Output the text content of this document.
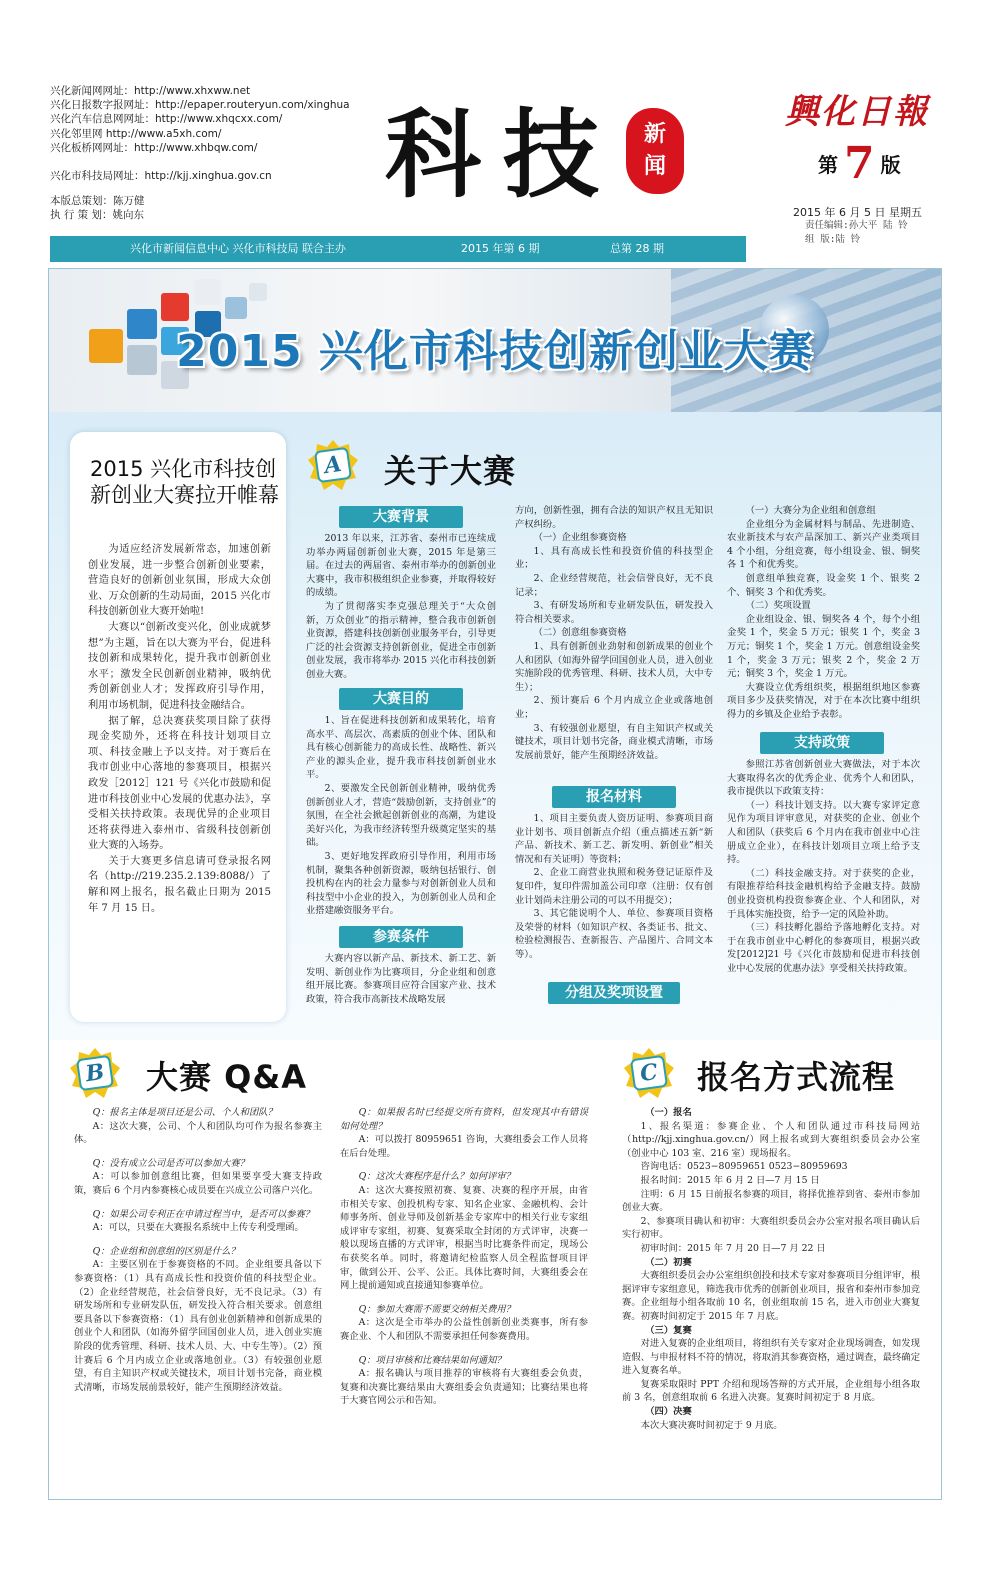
兴化新闻网网址：http://www.xhxww.net
兴化日报数字报网址：http://epaper.routeryun.com/xinghua
兴化汽车信息网网址：http://www.xhqcxx.com/
兴化邻里网 http://www.a5xh.com/
兴化板桥网网址：http://www.xhbqw.com/
兴化市科技局网址：http://kjj.xinghua.gov.cn
本版总策划：陈万健
执 行 策 划：姚向东
科技	新
闻
興化日報
第 7 版
2015 年 6 月 5 日 星期五
责任编辑:孙大平 陆 铃
组 版:陆 铃
兴化市新闻信息中心 兴化市科技局 联合主办	2015 年第 6 期	总第 28 期
2015 兴化市科技创新创业大赛
2015 兴化市科技创新创业大赛拉开帷幕

为适应经济发展新常态，加速创新创业发展，进一步整合创新创业要素，营造良好的创新创业氛围，形成大众创业、万众创新的生动局面，2015 兴化市科技创新创业大赛开始啦!

大赛以“创新改变兴化，创业成就梦想”为主题，旨在以大赛为平台，促进科技创新和成果转化，提升我市创新创业水平；激发全民创新创业精神，吸纳优秀创新创业人才；发挥政府引导作用，利用市场机制，促进科技金融结合。

据了解，总决赛获奖项目除了获得现金奖励外，还将在科技计划项目立项、科技金融上予以支持。对于赛后在我市创业中心落地的参赛项目，根据兴政发［2012］121 号《兴化市鼓励和促进市科技创业中心发展的优惠办法》，享受相关扶持政策。表现优异的企业项目还将获得进入泰州市、省级科技创新创业大赛的入场券。

关于大赛更多信息请可登录报名网名（http://219.235.2.139:8088/）了解和网上报名，报名截止日期为 2015 年 7 月 15 日。

A 关于大赛
大赛背景

2013 年以来，江苏省、泰州市已连续成功举办两届创新创业大赛，2015 年是第三届。在过去的两届省、泰州市举办的创新创业大赛中，我市积极组织企业参赛，并取得较好的成绩。

为了贯彻落实李克强总理关于“大众创新，万众创业”的指示精神，整合我市创新创业资源，搭建科技创新创业服务平台，引导更广泛的社会资源支持创新创业，促进全市创新创业发展，我市将举办 2015 兴化市科技创新创业大赛。

大赛目的

1、旨在促进科技创新和成果转化，培育高水平、高层次、高素质的创业个体、团队和具有核心创新能力的高成长性、战略性、新兴产业的源头企业，提升我市科技创新创业水平。

2、要激发全民创新创业精神，吸纳优秀创新创业人才，营造“鼓励创新，支持创业”的氛围，在全社会掀起创新创业的高潮，为建设美好兴化，为我市经济转型升级奠定坚实的基础。

3、更好地发挥政府引导作用，利用市场机制，聚集各种创新资源，吸纳包括银行、创投机构在内的社会力量参与对创新创业人员和科技型中小企业的投入，为创新创业人员和企业搭建融资服务平台。

参赛条件

大赛内容以新产品、新技术、新工艺、新发明、新创业作为比赛项目，分企业组和创意组开展比赛。参赛项目应符合国家产业、技术政策，符合我市高新技术战略发展

方向，创新性强，拥有合法的知识产权且无知识产权纠纷。

（一）企业组参赛资格

1、具有高成长性和投资价值的科技型企业；

2、企业经营规范，社会信誉良好，无不良记录；

3、有研发场所和专业研发队伍，研发投入符合相关要求。

（二）创意组参赛资格

1、具有创新创业劲射和创新成果的创业个人和团队（如海外留学回国创业人员，进入创业实施阶段的优秀管理、科研、技术人员，大中专生）；

2、预计赛后 6 个月内成立企业或落地创业；

3、有较强创业愿望，有自主知识产权或关键技术，项目计划书完备，商业模式清晰，市场发展前景好，能产生预期经济效益。

报名材料

1、项目主要负责人资历证明、参赛项目商业计划书、项目创新点介绍（重点描述五新“新产品、新技术、新工艺、新发明、新创业”相关情况和有关证明）等资料；

2、企业工商营业执照和税务登记证原件及复印件，复印件需加盖公司印章（注册：仅有创业计划尚未注册公司的可以不用提交）；

3、其它能说明个人、单位、参赛项目资格及荣誉的材料（如知识产权、各类证书、批文、检验检测报告、查新报告、产品图片、合同文本等）。

分组及奖项设置

（一）大赛分为企业组和创意组

企业组分为金属材料与制品、先进制造、农业新技术与农产品深加工、新兴产业类项目 4 个小组，分组竞赛，每小组设金、银、铜奖各 1 个和优秀奖。

创意组单独竞赛，设金奖 1 个、银奖 2 个、铜奖 3 个和优秀奖。

（二）奖项设置

企业组设金、银、铜奖各 4 个，每个小组金奖 1 个，奖金 5 万元；银奖 1 个，奖金 3 万元；铜奖 1 个，奖金 1 万元。创意组设金奖 1 个，奖金 3 万元；银奖 2 个，奖金 2 万元；铜奖 3 个，奖金 1 万元。

大赛设立优秀组织奖，根据组织地区参赛项目多少及获奖情况，对于在本次比赛中组织得力的乡镇及企业给予表彰。

支持政策

参照江苏省创新创业大赛做法，对于本次大赛取得名次的优秀企业、优秀个人和团队，我市提供以下政策支持：

（一）科技计划支持。以大赛专家评定意见作为项目评审意见，对获奖的企业、创业个人和团队（获奖后 6 个月内在我市创业中心注册成立企业），在科技计划项目立项上给予支持。

（二）科技金融支持。对于获奖的企业，有限推荐给科技金融机构给予金融支持。鼓励创业投资机构投资参赛企业、个人和团队，对于具体实施投资，给予一定的风险补助。

（三）科技孵化器给予落地孵化支持。对于在我市创业中心孵化的参赛项目，根据兴政发[2012]21 号《兴化市鼓励和促进市科技创业中心发展的优惠办法》享受相关扶持政策。

B 大赛 Q&A

Q：报名主体是项目还是公司、个人和团队？

A：这次大赛，公司、个人和团队均可作为报名参赛主体。

Q：没有成立公司是否可以参加大赛？

A：可以参加创意组比赛，但如果要享受大赛支持政策，赛后 6 个月内参赛核心成员要在兴成立公司落户兴化。

Q：如果公司专利正在申请过程当中，是否可以参赛？

A：可以，只要在大赛报名系统中上传专利受理函。

Q：企业组和创意组的区别是什么？

A：主要区别在于参赛资格的不同。企业组要具备以下参赛资格：（1）具有高成长性和投资价值的科技型企业。（2）企业经营规范，社会信誉良好，无不良记录。（3）有研发场所和专业研发队伍，研发投入符合相关要求。创意组要具备以下参赛资格：（1）具有创业创新精神和创新成果的创业个人和团队（如海外留学回国创业人员，进入创业实施阶段的优秀管理、科研、技术人员、大、中专生等）。（2）预计赛后 6 个月内成立企业或落地创业。（3）有较强创业愿望，有自主知识产权或关键技术，项目计划书完备，商业模式清晰，市场发展前景较好，能产生预期经济效益。

Q：如果报名时已经提交所有资料，但发现其中有错误如何处理？

A：可以拨打 80959651 咨询，大赛组委会工作人员将在后台处理。

Q：这次大赛程序是什么？如何评审？

A：这次大赛按照初赛、复赛、决赛的程序开展，由省市相关专家、创投机构专家、知名企业家、金融机构、会计师事务所、创业导师及创新基金专家库中的相关行业专家组成评审专家组，初赛、复赛采取全封闭的方式评审，决赛一般以现场直播的方式评审，根据当时比赛条件而定，现场公布获奖名单。同时，将邀请纪检监察人员全程监督项目评审，做到公开、公平、公正。具体比赛时间，大赛组委会在网上提前通知或直接通知参赛单位。

Q：参加大赛需不需要交纳相关费用？

A：这次是全市举办的公益性创新创业类赛事，所有参赛企业、个人和团队不需要承担任何参赛费用。

Q：项目审核和比赛结果如何通知？

A：报名确认与项目推荐的审核将有大赛组委会负责，复赛和决赛比赛结果由大赛组委会负责通知；比赛结果也将于大赛官网公示和告知。

C 报名方式流程

（一）报名

1、报名渠道：参赛企业、个人和团队通过市科技局网站（http://kjj.xinghua.gov.cn/）网上报名或到大赛组织委员会办公室（创业中心 103 室、216 室）现场报名。

咨询电话：0523−80959651 0523−80959693

报名时间：2015 年 6 月 2 日—7 月 15 日

注明：6 月 15 日前报名参赛的项目，将择优推荐到省、泰州市参加创业大赛。

2、参赛项目确认和初审：大赛组织委员会办公室对报名项目确认后实行初审。

初审时间：2015 年 7 月 20 日—7 月 22 日

（二）初赛

大赛组织委员会办公室组织创投和技术专家对参赛项目分组评审，根据评审专家组意见，筛选我市优秀的创新创业项目，报省和泰州市参加竞赛。企业组每小组各取前 10 名，创业组取前 15 名，进入市创业大赛复赛。初赛时间初定于 2015 年 7 月底。

（三）复赛

对进入复赛的企业组项目，将组织有关专家对企业现场调查，如发现造假、与申报材料不符的情况，将取消其参赛资格，通过调查，最终确定进入复赛名单。

复赛采取限时 PPT 介绍和现场答辩的方式开展，企业组每小组各取前 3 名，创意组取前 6 名进入决赛。复赛时间初定于 8 月底。

（四）决赛

本次大赛决赛时间初定于 9 月底。
